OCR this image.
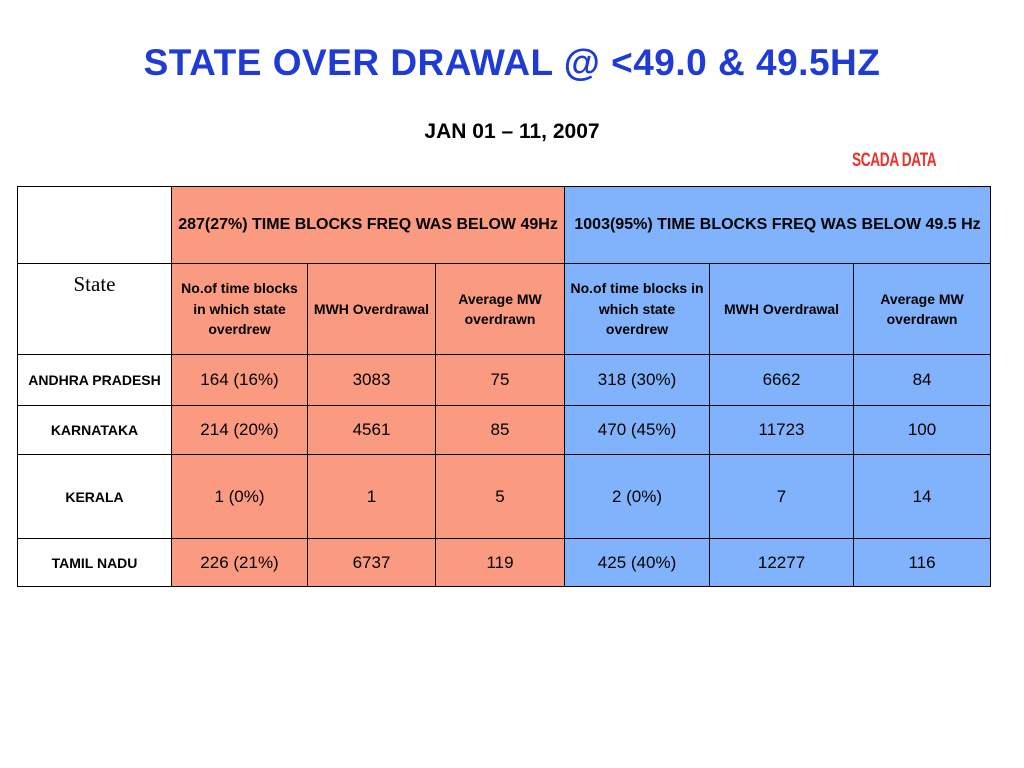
STATE OVER DRAWAL @ <49.0 & 49.5HZ
JAN 01 – 11, 2007
SCADA DATA
	287(27%) TIME BLOCKS FREQ WAS BELOW 49Hz			1003(95%) TIME BLOCKS FREQ WAS BELOW 49.5 Hz		
State	No.of time blocks in which state overdrew	MWH Overdrawal	Average MW overdrawn	No.of time blocks in which state overdrew	MWH Overdrawal	Average MW overdrawn
ANDHRA PRADESH	164 (16%)	3083	75	318 (30%)	6662	84
KARNATAKA	214 (20%)	4561	85	470 (45%)	11723	100
KERALA	1 (0%)	1	5	2 (0%)	7	14
TAMIL NADU	226 (21%)	6737	119	425 (40%)	12277	116
